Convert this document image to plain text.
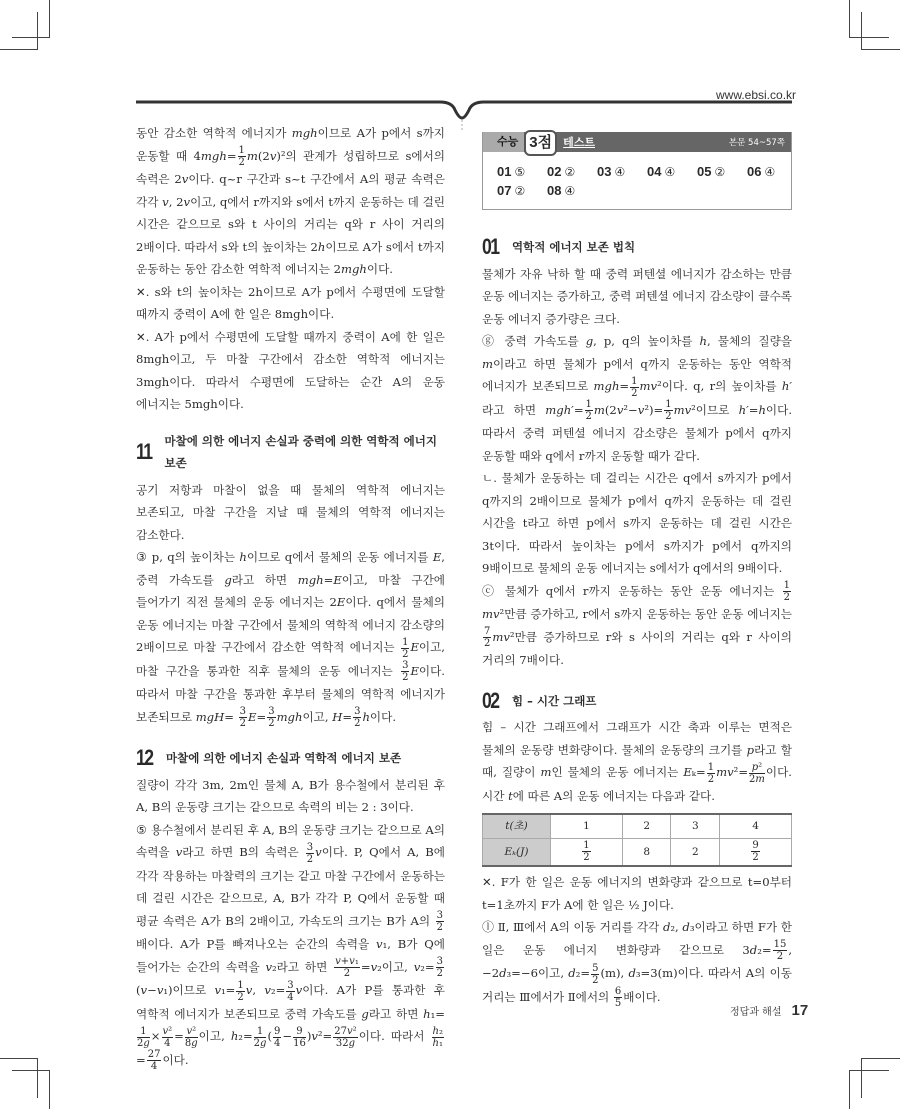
www.ebsi.co.kr
동안 감소한 역학적 에너지가 mgh이므로 A가 p에서 s까지 운동할 때 $4mgh= \frac{1}{2} m(2v)^2$의 관계가 성립하므로 s에서의 속력은 2v이다. q~r 구간과 s~t 구간에서 A의 평균 속력은 각각 v, 2v이고, q에서 r까지와 s에서 t까지 운동하는 데 걸린 시간은 같으므로 s와 t 사이의 거리는 q와 r 사이 거리의 2배이다. 따라서 s와 t의 높이차는 2h이므로 A가 s에서 t까지 운동하는 동안 감소한 역학적 에너지는 2mgh이다.
✕. s와 t의 높이차는 2h이므로 A가 p에서 수평면에 도달할 때까지 중력이 A에 한 일은 8mgh이다.
✕. A가 p에서 수평면에 도달할 때까지 중력이 A에 한 일은 8mgh이고, 두 마찰 구간에서 감소한 역학적 에너지는 3mgh이다. 따라서 수평면에 도달하는 순간 A의 운동 에너지는 5mgh이다.
11 마찰에 의한 에너지 손실과 중력에 의한 역학적 에너지 보존
공기 저항과 마찰이 없을 때 물체의 역학적 에너지는 보존되고, 마찰 구간을 지날 때 물체의 역학적 에너지는 감소한다.
③ p, q의 높이차는 h이므로 q에서 물체의 운동 에너지를 E, 중력 가속도를 g라고 하면 mgh=E이고, 마찰 구간에 들어가기 직전 물체의 운동 에너지는 2E이다. q에서 물체의 운동 에너지는 마찰 구간에서 물체의 역학적 에너지 감소량의 2배이므로 마찰 구간에서 감소한 역학적 에너지는 $\frac{1}{2}$ E이고, 마찰 구간을 통과한 직후 물체의 운동 에너지는 $\frac{3}{2}$ E이다. 따라서 마찰 구간을 통과한 후부터 물체의 역학적 에너지가 보존되므로 $mgH= \frac{3}{2} E= \frac{3}{2}$ mgh이고, $H= \frac{3}{2}$ h이다.
12 마찰에 의한 에너지 손실과 역학적 에너지 보존
질량이 각각 3m, 2m인 물체 A, B가 용수철에서 분리된 후 A, B의 운동량 크기는 같으므로 속력의 비는 2 : 3이다.
⑤ 용수철에서 분리된 후 A, B의 운동량 크기는 같으므로 A의 속력을 v라고 하면 B의 속력은 $\frac{3}{2}$ v이다. P, Q에서 A, B에 각각 작용하는 마찰력의 크기는 같고 마찰 구간에서 운동하는 데 걸린 시간은 같으므로, A, B가 각각 P, Q에서 운동할 때 평균 속력은 A가 B의 2배이고, 가속도의 크기는 B가 A의 $\frac{3}{2}$
배이다. A가 P를 빠져나오는 순간의 속력을 v₁, B가 Q에 들어가는 순간의 속력을 v₂라고 하면 $\frac{\text{v+v₁}}{2} =v_2$이고, $v_2= \frac{3}{2}$
(v−v₁)이므로 $v_1= \frac{1}{2} v$, $v_2= \frac{3}{4}$ v이다. A가 P를 통과한 후 역학적 에너지가 보존되므로 중력 가속도를 g라고 하면 h₁=
$\frac{1}{2g} \times \frac{\text{v²}}{4} = \frac{\text{v²}}{8g}$ 이고, $h_2= \frac{1}{2g}$ ( $\frac{9}{4} - \frac{9}{16} )v^2= \frac{\text{27v²}}{32g}$ 이다. 따라서 $\frac{\text{h₂}}{\text{h₁}}$
= $\frac{27}{4}$ 이다.
수능 3점	테스트	본문 54~57쪽
01 ⑤	02 ②	03 ④	04 ④	05 ②	06 ④
07 ②	08 ④
01 역학적 에너지 보존 법칙
물체가 자유 낙하 할 때 중력 퍼텐셜 에너지가 감소하는 만큼 운동 에너지는 증가하고, 중력 퍼텐셜 에너지 감소량이 클수록 운동 에너지 증가량은 크다.
ⓖ 중력 가속도를 g, p, q의 높이차를 h, 물체의 질량을 m이라고 하면 물체가 p에서 q까지 운동하는 동안 역학적 에너지가 보존되므로 $mgh= \frac{1}{2} mv^2$이다. q, r의 높이차를 h′라고 하면 $mgh'= \frac{1}{2} m(2v^2-v^2)= \frac{1}{2} mv^2$이므로 h′=h이다. 따라서 중력 퍼텐셜 에너지 감소량은 물체가 p에서 q까지 운동할 때와 q에서 r까지 운동할 때가 같다.
ㄴ. 물체가 운동하는 데 걸리는 시간은 q에서 s까지가 p에서 q까지의 2배이므로 물체가 p에서 q까지 운동하는 데 걸린 시간을 t라고 하면 p에서 s까지 운동하는 데 걸린 시간은 3t이다. 따라서 높이차는 p에서 s까지가 p에서 q까지의 9배이므로 물체의 운동 에너지는 s에서가 q에서의 9배이다.
ⓒ 물체가 q에서 r까지 운동하는 동안 운동 에너지는 $\frac{1}{2}$
mv²만큼 증가하고, r에서 s까지 운동하는 동안 운동 에너지는
$\frac{7}{2} mv^2$만큼 증가하므로 r와 s 사이의 거리는 q와 r 사이의 거리의 7배이다.
02 힘 – 시간 그래프
힘 – 시간 그래프에서 그래프가 시간 축과 이루는 면적은 물체의 운동량 변화량이다. 물체의 운동량의 크기를 p라고 할 때, 질량이 m인 물체의 운동 에너지는 $E_k= \frac{1}{2} mv^2= \frac{\text{p²}}{2m}$ 이다. 시간 t에 따른 A의 운동 에너지는 다음과 같다.
t(초)	1	2	3	4
Eₖ(J)	$\frac{1}{2}$	8	2	$\frac{9}{2}$
✕. F가 한 일은 운동 에너지의 변화량과 같으므로 t=0부터 t=1초까지 F가 A에 한 일은 ½ J이다.
ⓛ Ⅱ, Ⅲ에서 A의 이동 거리를 각각 d₂, d₃이라고 하면 F가 한 일은 운동 에너지 변화량과 같으므로 $3d_2= \frac{15}{2}$ , −2d₃=−6이고, $d_2= \frac{5}{2} (m)$, d₃=3(m)이다. 따라서 A의 이동 거리는 Ⅲ에서가 Ⅱ에서의 $\frac{6}{5}$ 배이다.
정답과 해설 17
